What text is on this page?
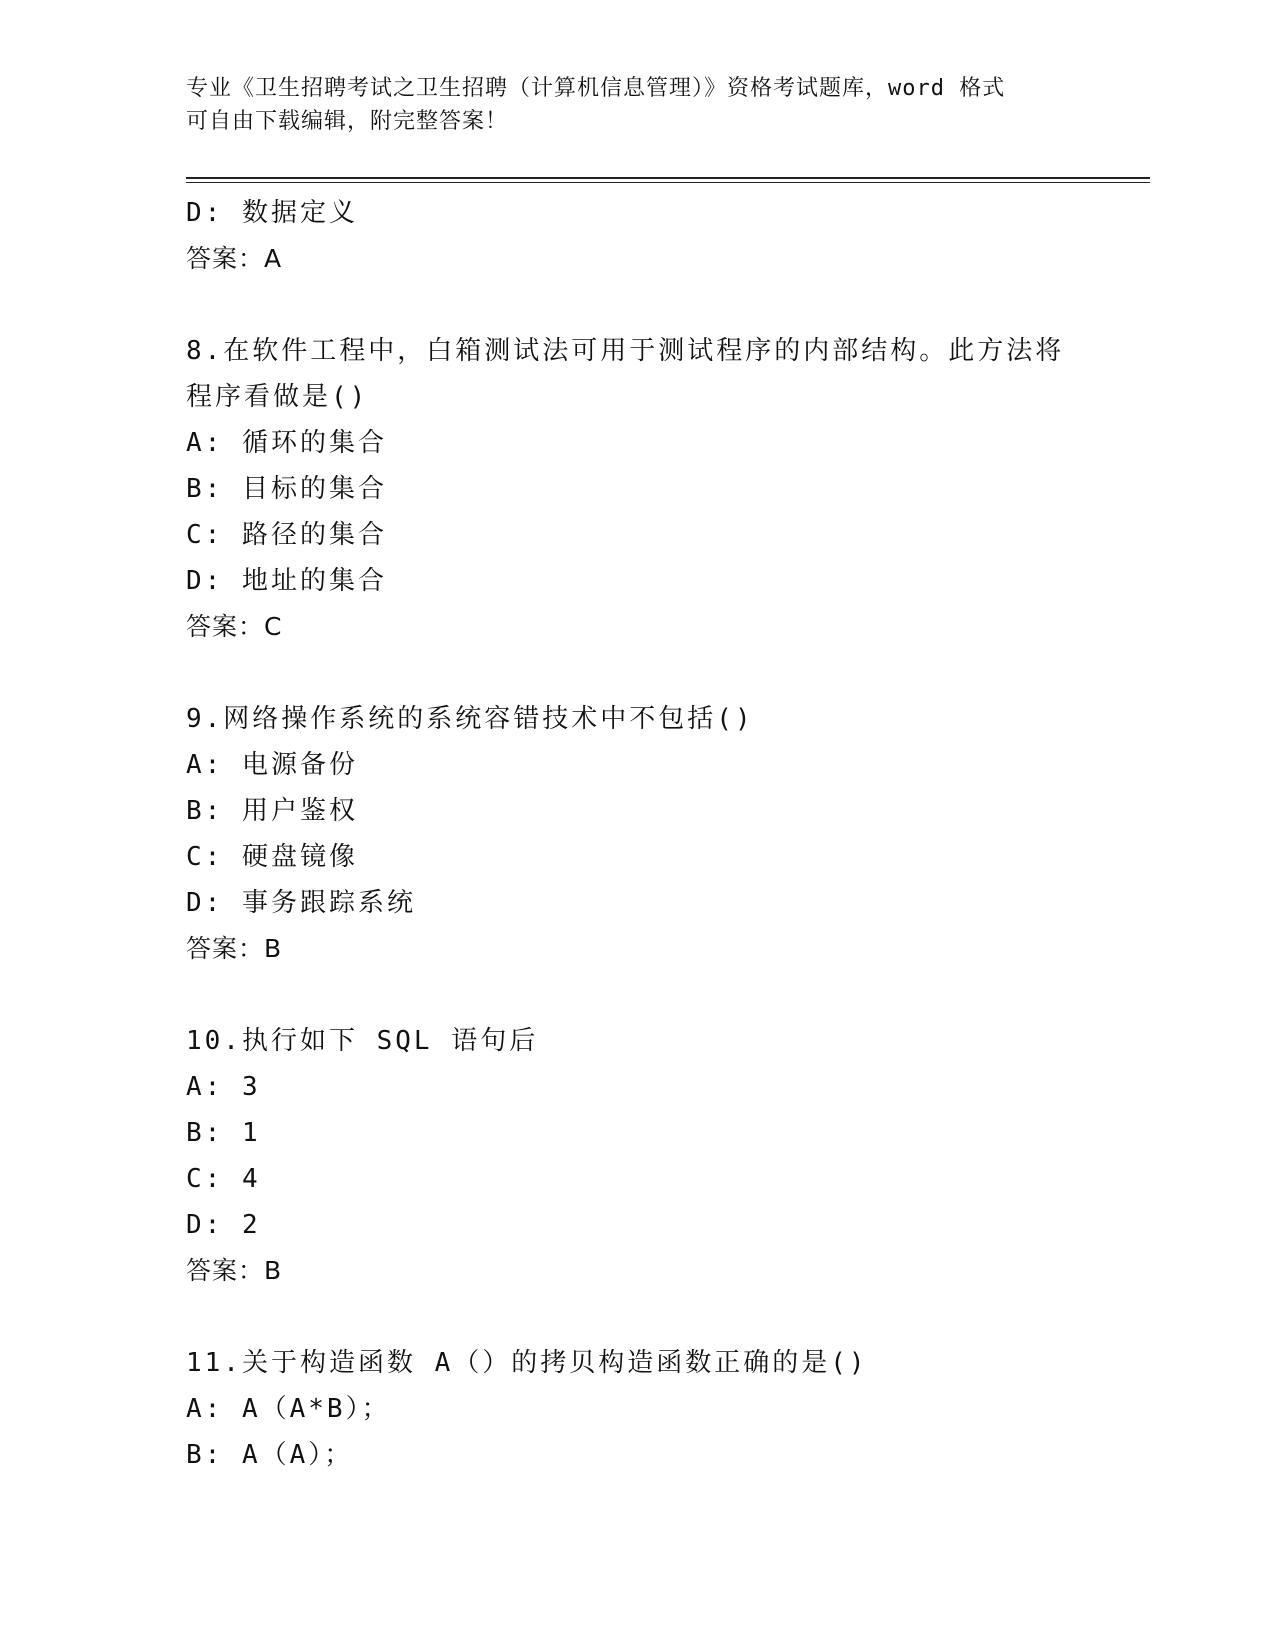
专业《卫生招聘考试之卫生招聘（计算机信息管理）》资格考试题库，word 格式
可自由下载编辑，附完整答案！
D: 数据定义
答案：A
8.在软件工程中，白箱测试法可用于测试程序的内部结构。此方法将
程序看做是()
A: 循环的集合
B: 目标的集合
C: 路径的集合
D: 地址的集合
答案：C
9.网络操作系统的系统容错技术中不包括()
A: 电源备份
B: 用户鉴权
C: 硬盘镜像
D: 事务跟踪系统
答案：B
10.执行如下 SQL 语句后
A: 3
B: 1
C: 4
D: 2
答案：B
11.关于构造函数 A（）的拷贝构造函数正确的是()
A: A（A*B）；
B: A（A）；
